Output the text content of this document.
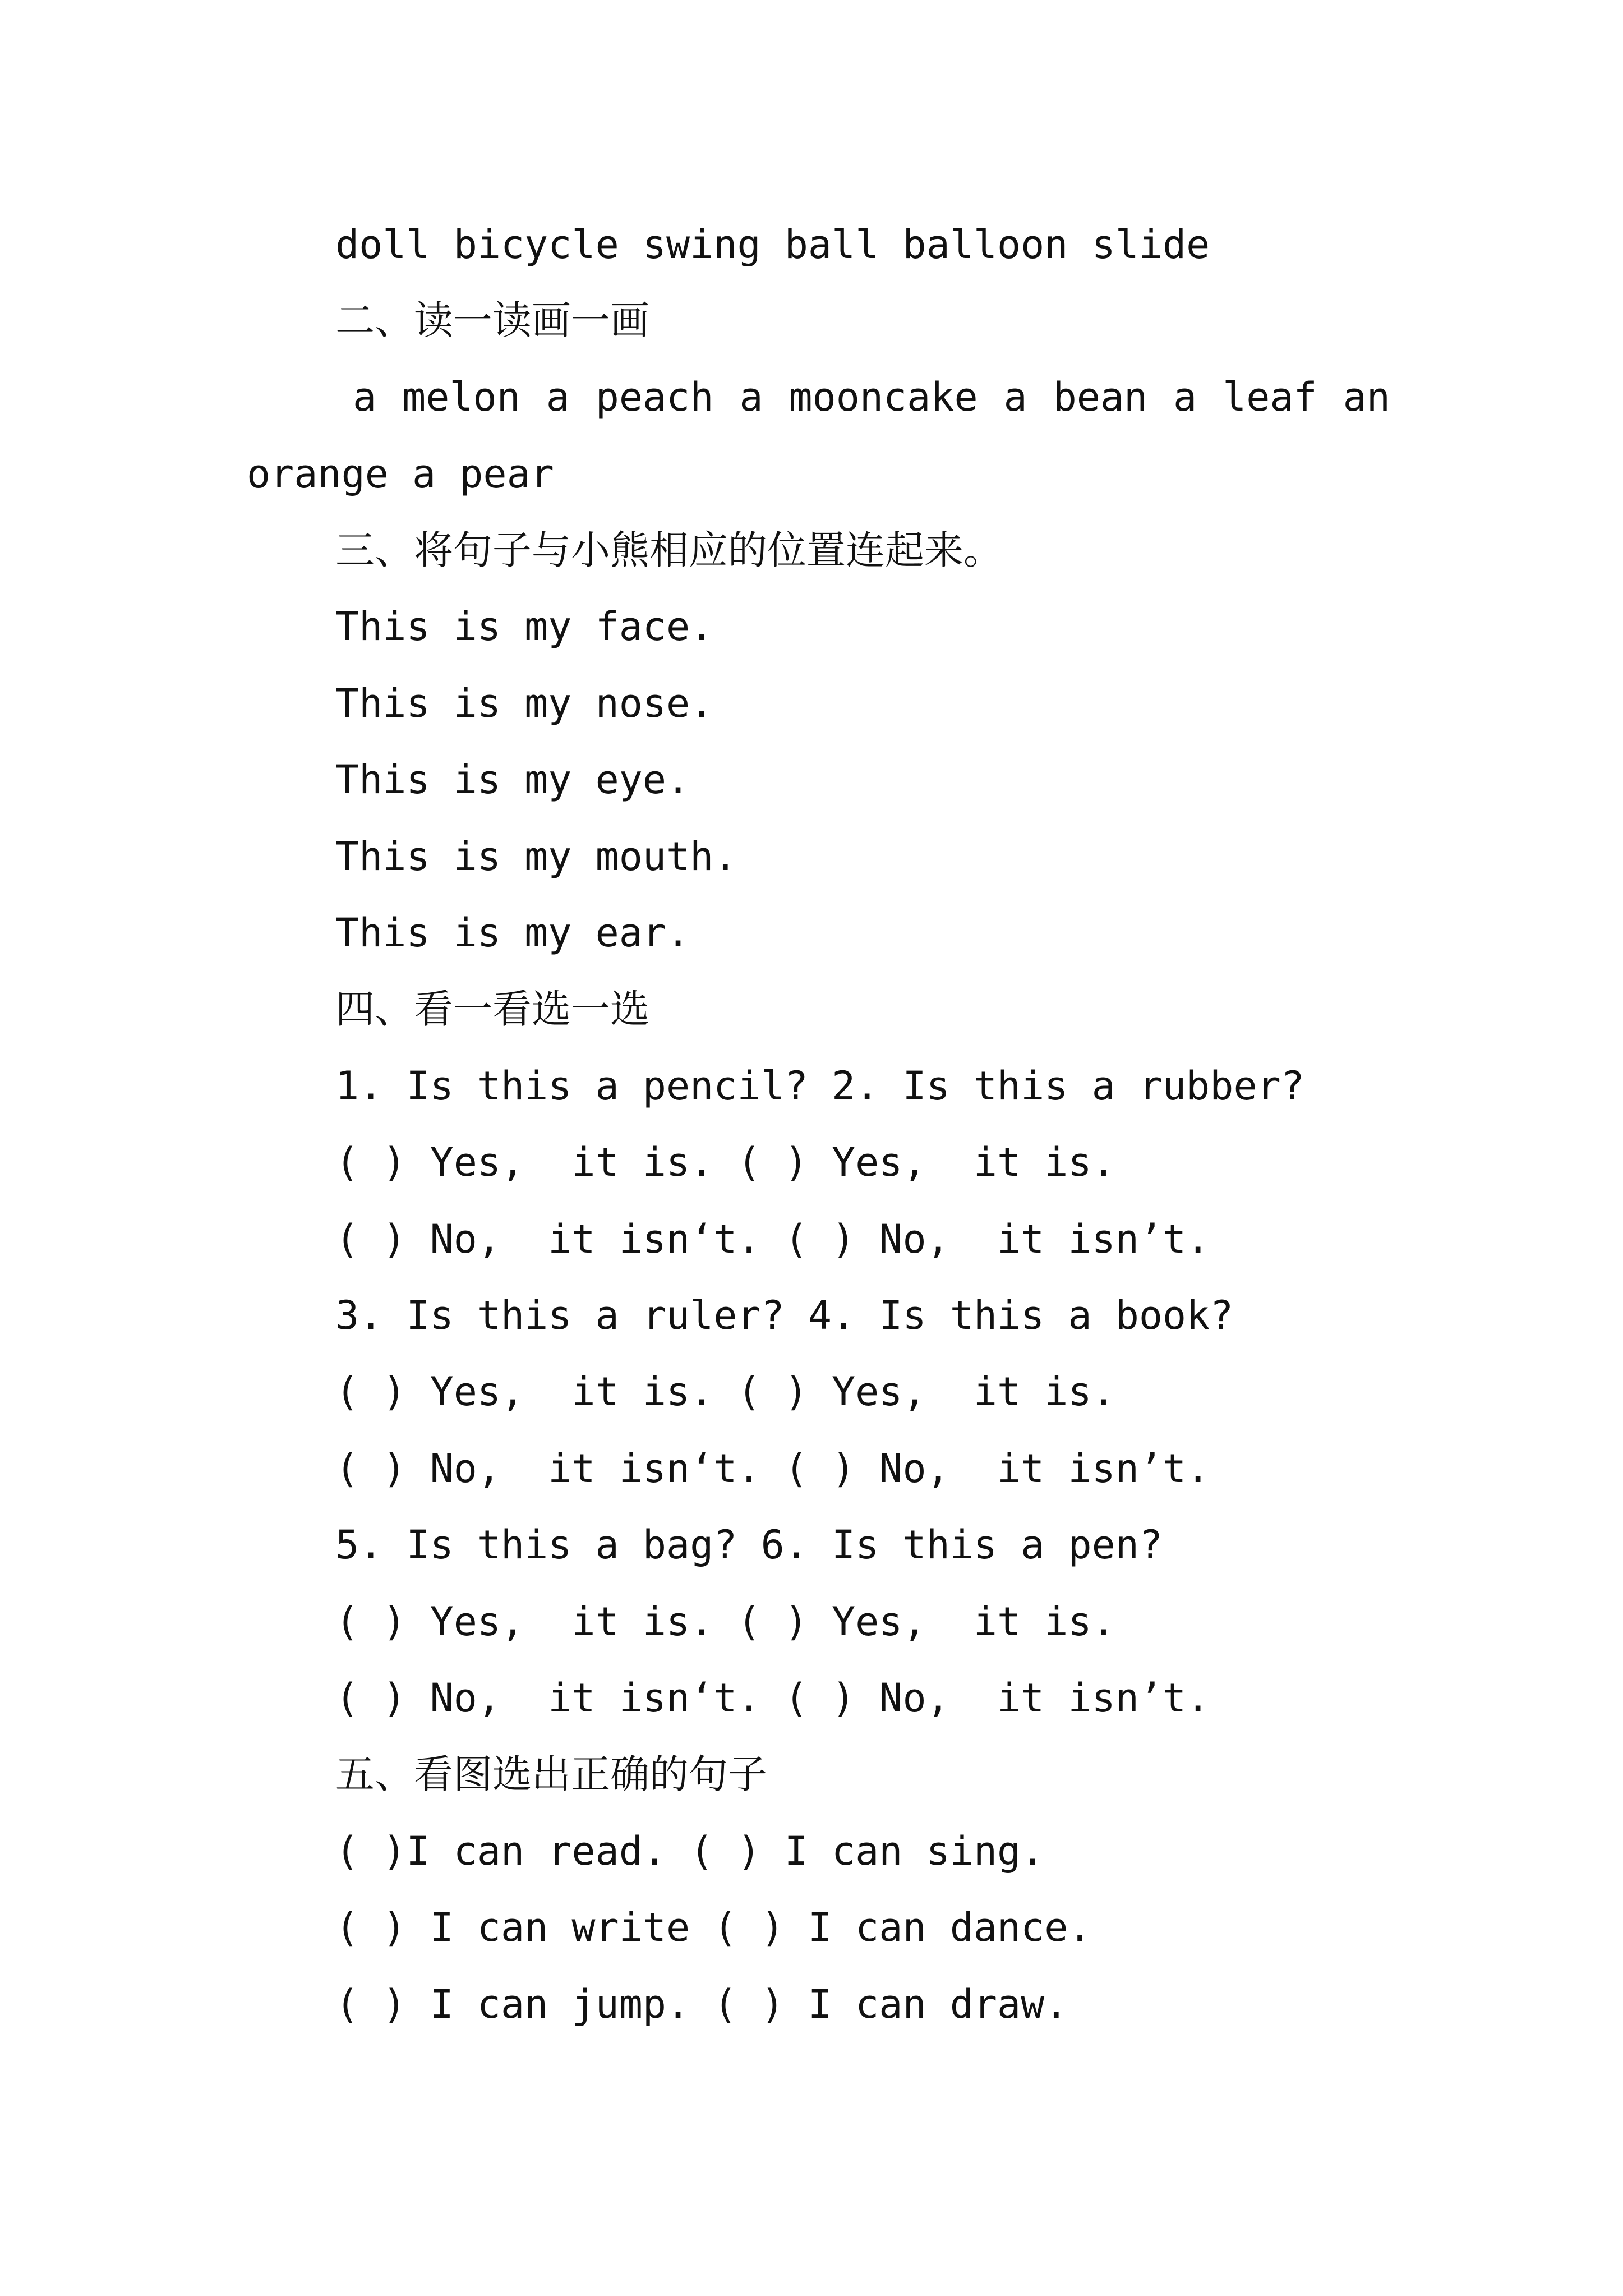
doll bicycle swing ball balloon slide
二、读一读画一画
a melon a peach a mooncake a bean a leaf an
orange a pear
三、将句子与小熊相应的位置连起来。
This is my face.
This is my nose.
This is my eye.
This is my mouth.
This is my ear.
四、看一看选一选
1. Is this a pencil? 2. Is this a rubber?
( ) Yes,  it is. ( ) Yes,  it is.
( ) No,  it isn‘t. ( ) No,  it isn’t.
3. Is this a ruler? 4. Is this a book?
( ) Yes,  it is. ( ) Yes,  it is.
( ) No,  it isn‘t. ( ) No,  it isn’t.
5. Is this a bag? 6. Is this a pen?
( ) Yes,  it is. ( ) Yes,  it is.
( ) No,  it isn‘t. ( ) No,  it isn’t.
五、看图选出正确的句子
( )I can read. ( ) I can sing.
( ) I can write ( ) I can dance.
( ) I can jump. ( ) I can draw.
